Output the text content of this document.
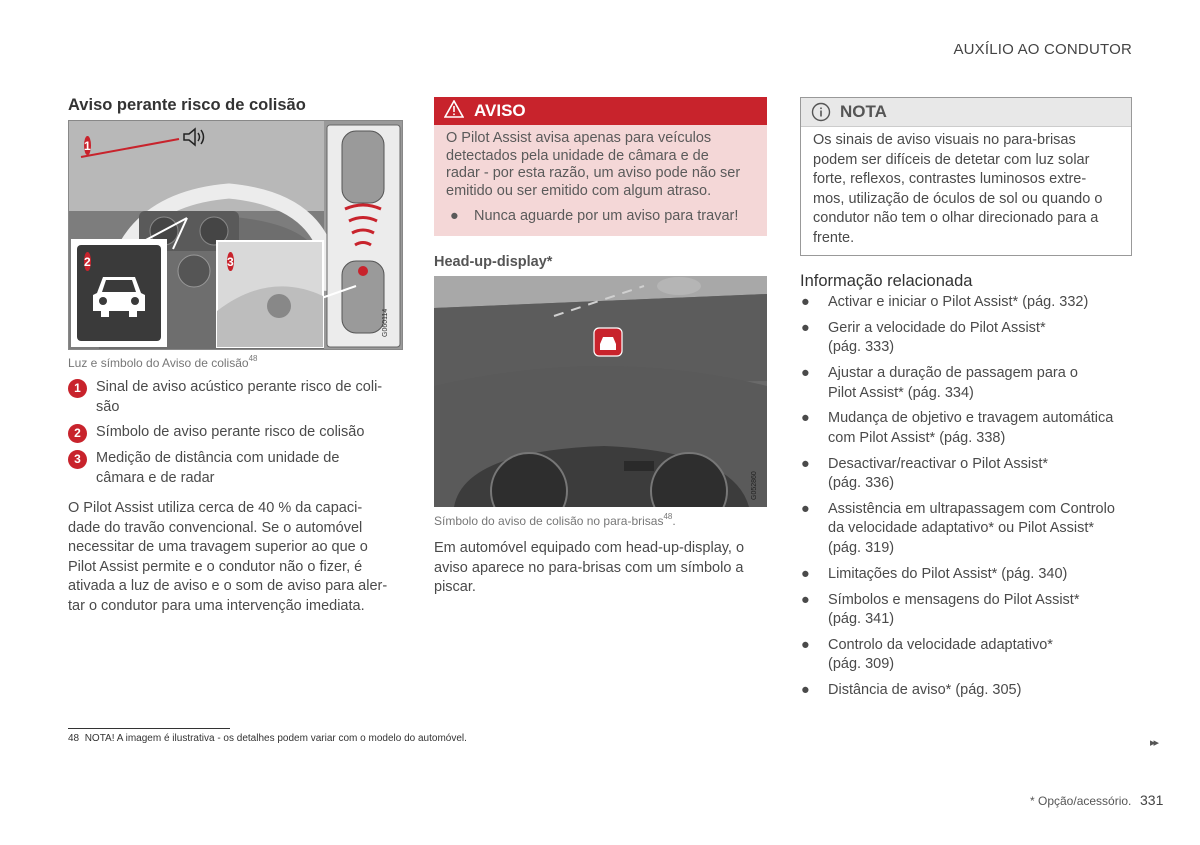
AUXÍLIO AO CONDUTOR
Aviso perante risco de colisão
G060114
1
2	3
Luz e símbolo do Aviso de colisão$^{48}$
1	Sinal de aviso acústico perante risco de coli-
são
2	Símbolo de aviso perante risco de colisão
3	Medição de distância com unidade de
câmara e de radar
O Pilot Assist utiliza cerca de 40 % da capaci-
dade do travão convencional. Se o automóvel
necessitar de uma travagem superior ao que o
Pilot Assist permite e o condutor não o fizer, é
ativada a luz de aviso e o som de aviso para aler-
tar o condutor para uma intervenção imediata.
AVISO
O Pilot Assist avisa apenas para veículos
detectados pela unidade de câmara e de
radar - por esta razão, um aviso pode não ser
emitido ou ser emitido com algum atraso.
●	Nunca aguarde por um aviso para travar!
Head-up-display*
G052860
Símbolo do aviso de colisão no para-brisas$^{48}$.
Em automóvel equipado com head-up-display, o
aviso aparece no para-brisas com um símbolo a
piscar.
NOTA
Os sinais de aviso visuais no para-brisas
podem ser difíceis de detetar com luz solar
forte, reflexos, contrastes luminosos extre-
mos, utilização de óculos de sol ou quando o
condutor não tem o olhar direcionado para a
frente.
Informação relacionada
●	Activar e iniciar o Pilot Assist* (pág. 332)
●	Gerir a velocidade do Pilot Assist*
(pág. 333)
●	Ajustar a duração de passagem para o
Pilot Assist* (pág. 334)
●	Mudança de objetivo e travagem automática
com Pilot Assist* (pág. 338)
●	Desactivar/reactivar o Pilot Assist*
(pág. 336)
●	Assistência em ultrapassagem com Controlo
da velocidade adaptativo* ou Pilot Assist*
(pág. 319)
●	Limitações do Pilot Assist* (pág. 340)
●	Símbolos e mensagens do Pilot Assist*
(pág. 341)
●	Controlo da velocidade adaptativo*
(pág. 309)
●	Distância de aviso* (pág. 305)
48 NOTA! A imagem é ilustrativa - os detalhes podem variar com o modelo do automóvel.	▸▸
* Opção/acessório. 331
